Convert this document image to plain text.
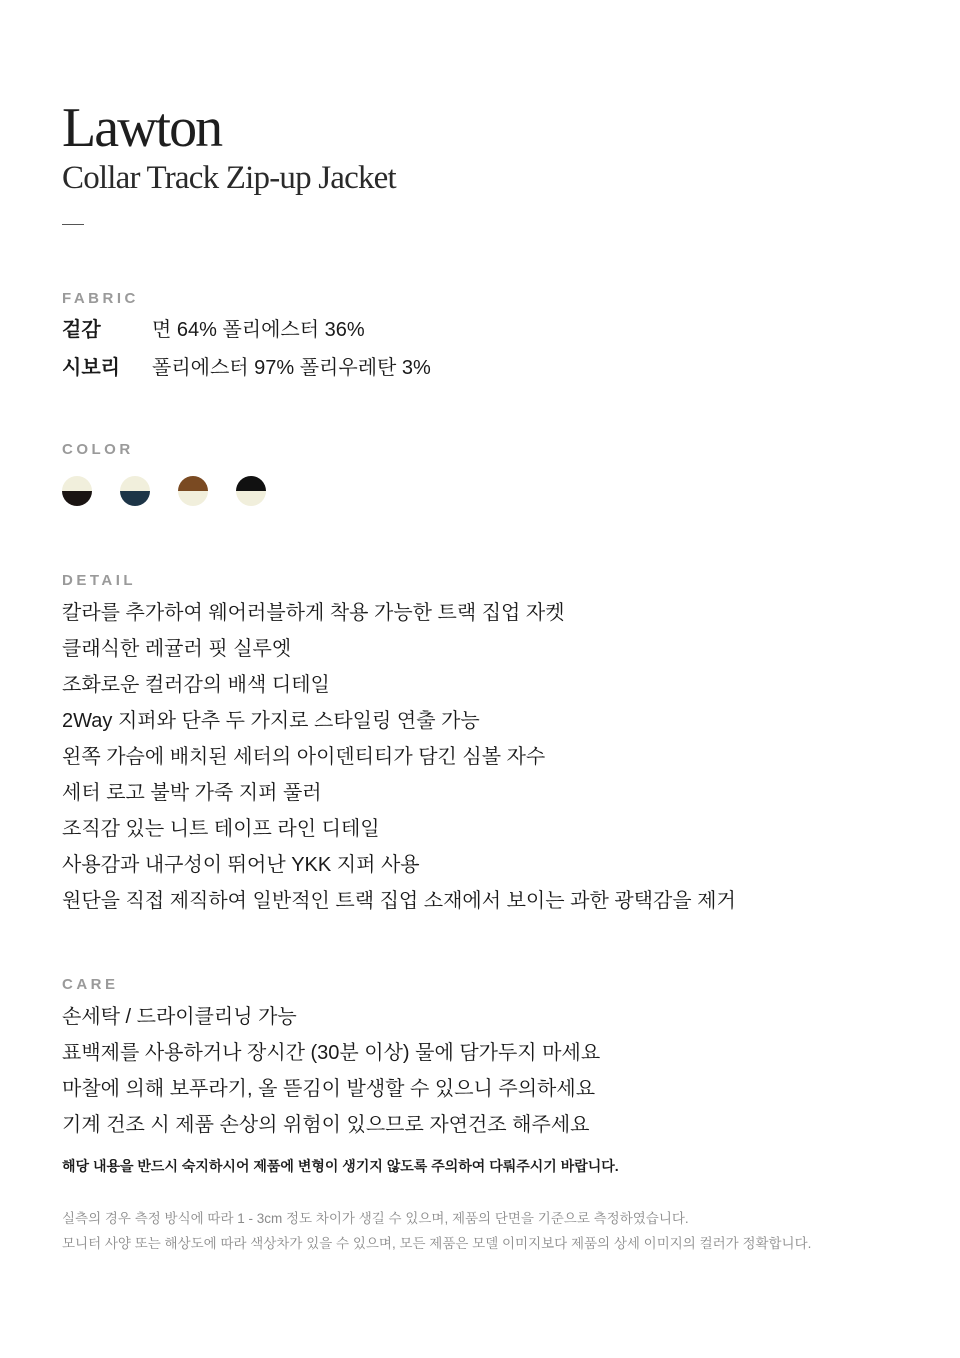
Lawton
Collar Track Zip-up Jacket
FABRIC
겉감	면 64% 폴리에스터 36%
시보리 폴리에스터 97% 폴리우레탄 3%
COLOR
DETAIL
칼라를 추가하여 웨어러블하게 착용 가능한 트랙 집업 자켓
클래식한 레귤러 핏 실루엣
조화로운 컬러감의 배색 디테일
2Way 지퍼와 단추 두 가지로 스타일링 연출 가능
왼쪽 가슴에 배치된 세터의 아이덴티티가 담긴 심볼 자수
세터 로고 불박 가죽 지퍼 풀러
조직감 있는 니트 테이프 라인 디테일
사용감과 내구성이 뛰어난 YKK 지퍼 사용
원단을 직접 제직하여 일반적인 트랙 집업 소재에서 보이는 과한 광택감을 제거
CARE
손세탁 / 드라이클리닝 가능
표백제를 사용하거나 장시간 (30분 이상) 물에 담가두지 마세요
마찰에 의해 보푸라기, 올 뜯김이 발생할 수 있으니 주의하세요
기계 건조 시 제품 손상의 위험이 있으므로 자연건조 해주세요
해당 내용을 반드시 숙지하시어 제품에 변형이 생기지 않도록 주의하여 다뤄주시기 바랍니다.
실측의 경우 측정 방식에 따라 1 - 3cm 정도 차이가 생길 수 있으며, 제품의 단면을 기준으로 측정하였습니다.
모니터 사양 또는 해상도에 따라 색상차가 있을 수 있으며, 모든 제품은 모델 이미지보다 제품의 상세 이미지의 컬러가 정확합니다.
